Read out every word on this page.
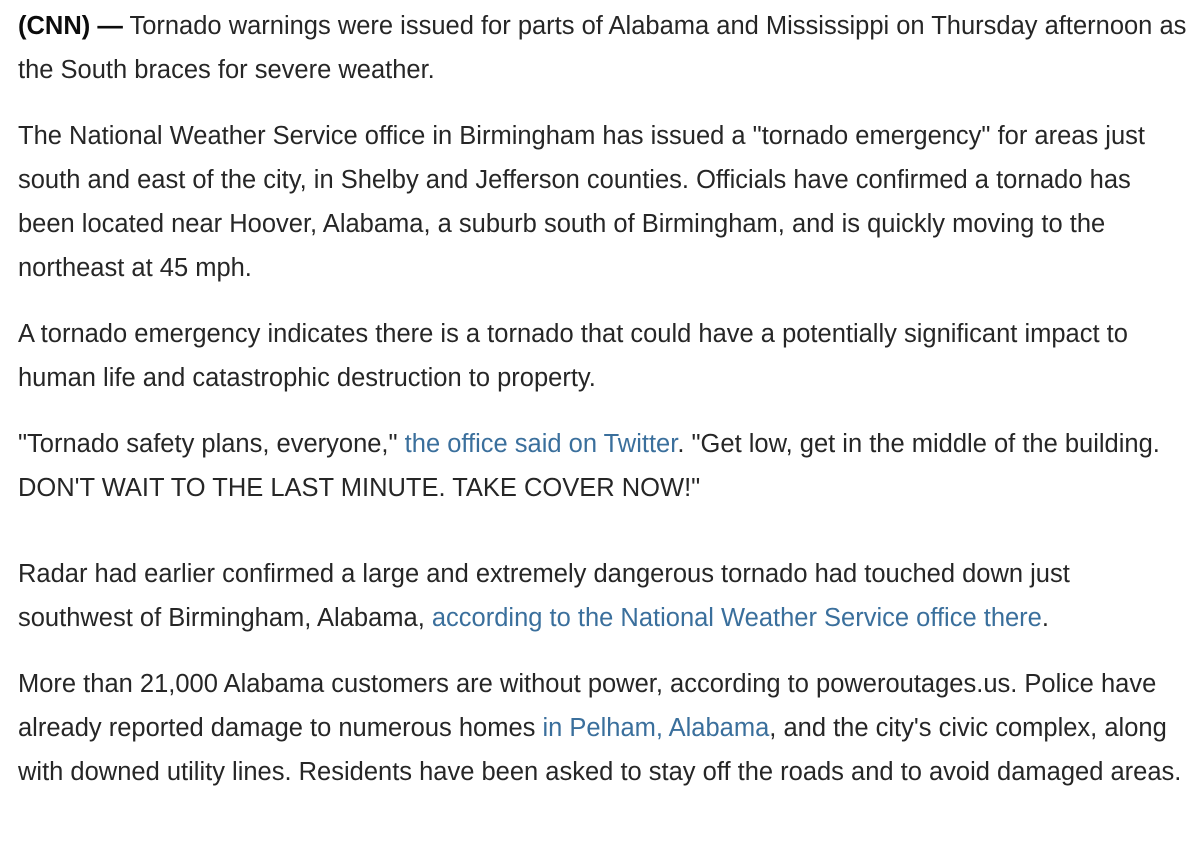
(CNN) — Tornado warnings were issued for parts of Alabama and Mississippi on Thursday afternoon as the South braces for severe weather.

The National Weather Service office in Birmingham has issued a "tornado emergency" for areas just south and east of the city, in Shelby and Jefferson counties. Officials have confirmed a tornado has been located near Hoover, Alabama, a suburb south of Birmingham, and is quickly moving to the northeast at 45 mph.

A tornado emergency indicates there is a tornado that could have a potentially significant impact to human life and catastrophic destruction to property.

"Tornado safety plans, everyone," the office said on Twitter. "Get low, get in the middle of the building. DON'T WAIT TO THE LAST MINUTE. TAKE COVER NOW!"

Radar had earlier confirmed a large and extremely dangerous tornado had touched down just southwest of Birmingham, Alabama, according to the National Weather Service office there.

More than 21,000 Alabama customers are without power, according to poweroutages.us. Police have already reported damage to numerous homes in Pelham, Alabama, and the city's civic complex, along with downed utility lines. Residents have been asked to stay off the roads and to avoid damaged areas.
